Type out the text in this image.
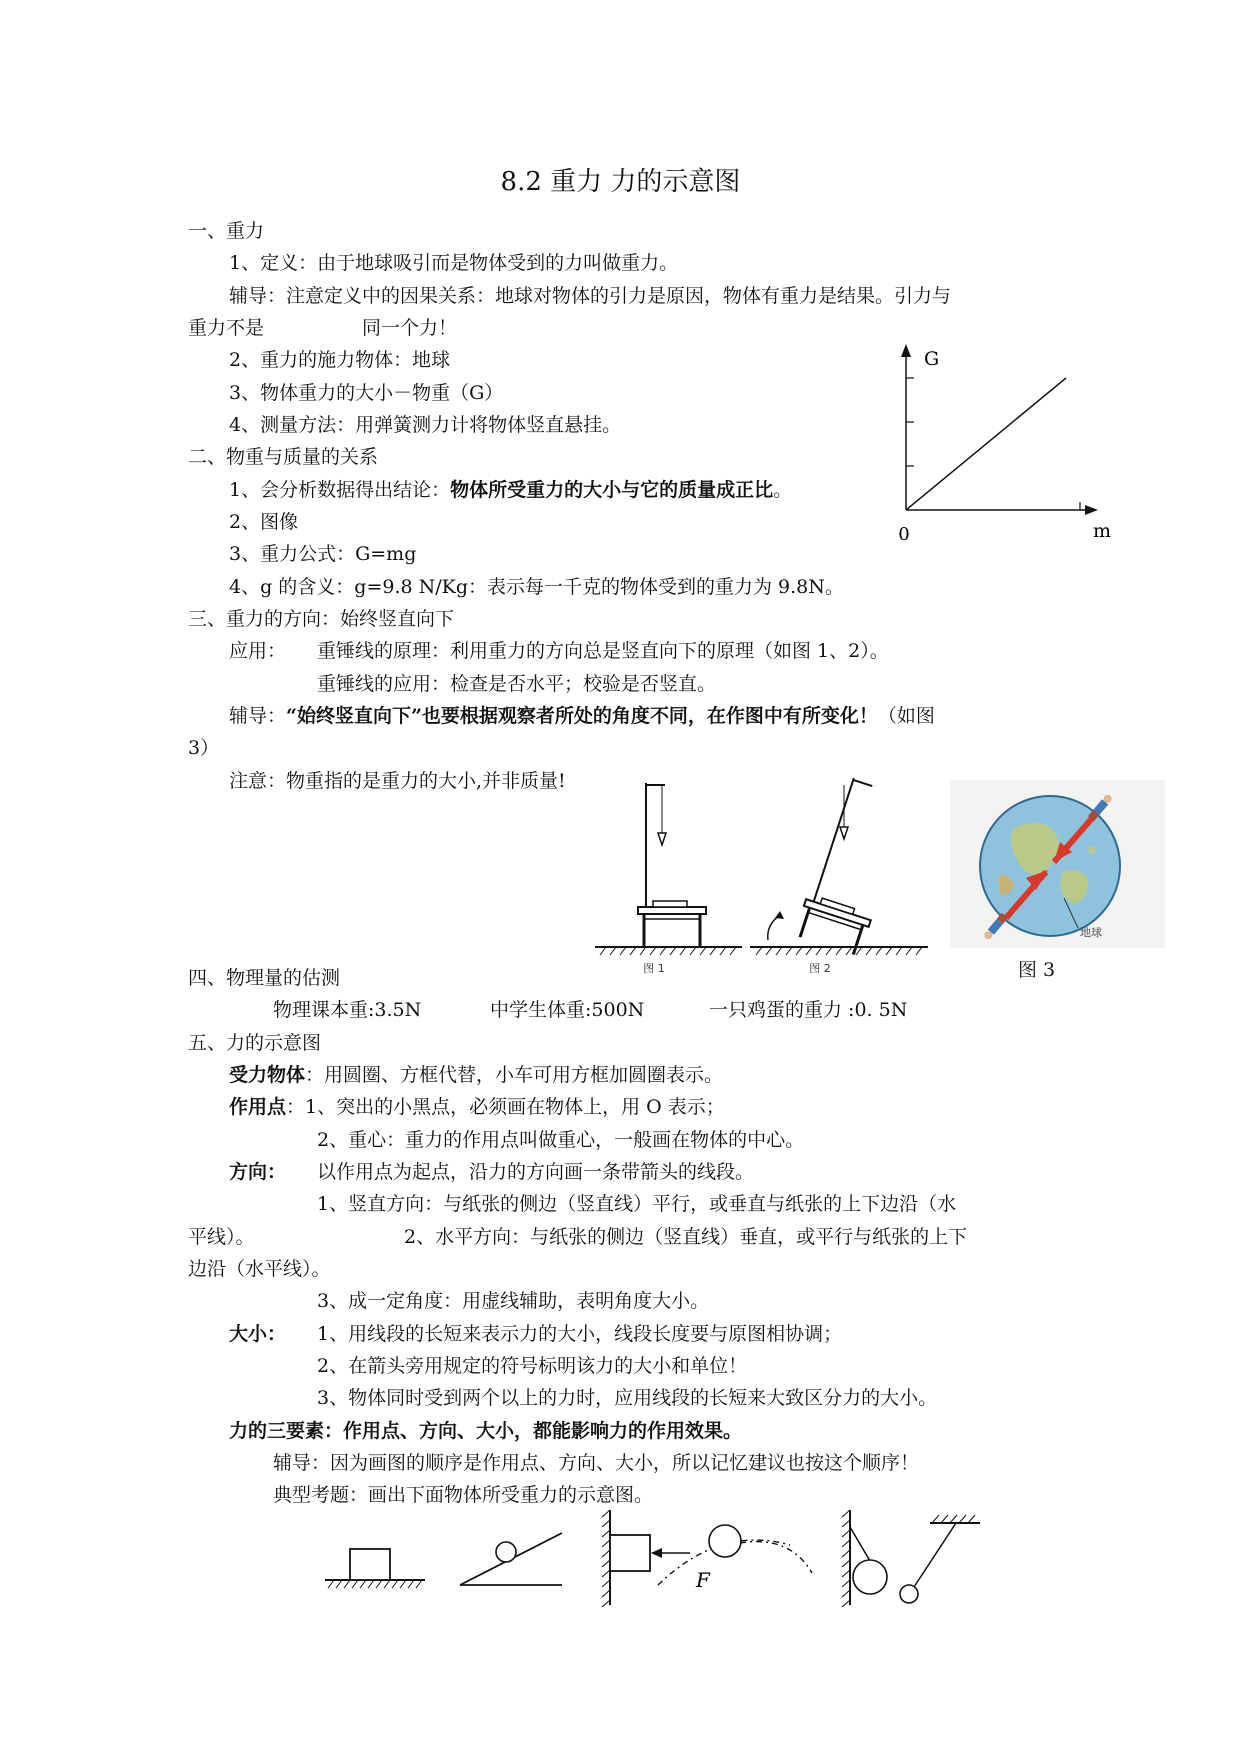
8.2 重力 力的示意图
一、重力
1、定义：由于地球吸引而是物体受到的力叫做重力。
辅导：注意定义中的因果关系：地球对物体的引力是原因，物体有重力是结果。引力与
重力不是	同一个力！
2、重力的施力物体：地球
3、物体重力的大小－物重（G）
4、测量方法：用弹簧测力计将物体竖直悬挂。
二、物重与质量的关系
1、会分析数据得出结论：物体所受重力的大小与它的质量成正比。
2、图像
3、重力公式：G=mg
4、g 的含义：g=9.8 N/Kg：表示每一千克的物体受到的重力为 9.8N。
G
m
0
三、重力的方向：始终竖直向下
应用： 重锤线的原理：利用重力的方向总是竖直向下的原理（如图 1、2）。
重锤线的应用：检查是否水平；校验是否竖直。
辅导：“始终竖直向下”也要根据观察者所处的角度不同，在作图中有所变化！（如图
3）
注意：物重指的是重力的大小,并非质量!
图 1	图 2
地球
图 3
四、物理量的估测
物理课本重:3.5N	中学生体重:500N	一只鸡蛋的重力 :0. 5N
五、力的示意图
受力物体：用圆圈、方框代替，小车可用方框加圆圈表示。
作用点：1、突出的小黑点，必须画在物体上，用 O 表示；
2、重心：重力的作用点叫做重心，一般画在物体的中心。
方向： 以作用点为起点，沿力的方向画一条带箭头的线段。
1、竖直方向：与纸张的侧边（竖直线）平行，或垂直与纸张的上下边沿（水
平线）。	2、水平方向：与纸张的侧边（竖直线）垂直，或平行与纸张的上下
边沿（水平线）。
3、成一定角度：用虚线辅助，表明角度大小。
大小： 1、用线段的长短来表示力的大小，线段长度要与原图相协调；
2、在箭头旁用规定的符号标明该力的大小和单位！
3、物体同时受到两个以上的力时，应用线段的长短来大致区分力的大小。
力的三要素：作用点、方向、大小，都能影响力的作用效果。
辅导：因为画图的顺序是作用点、方向、大小，所以记忆建议也按这个顺序！
典型考题：画出下面物体所受重力的示意图。
F
